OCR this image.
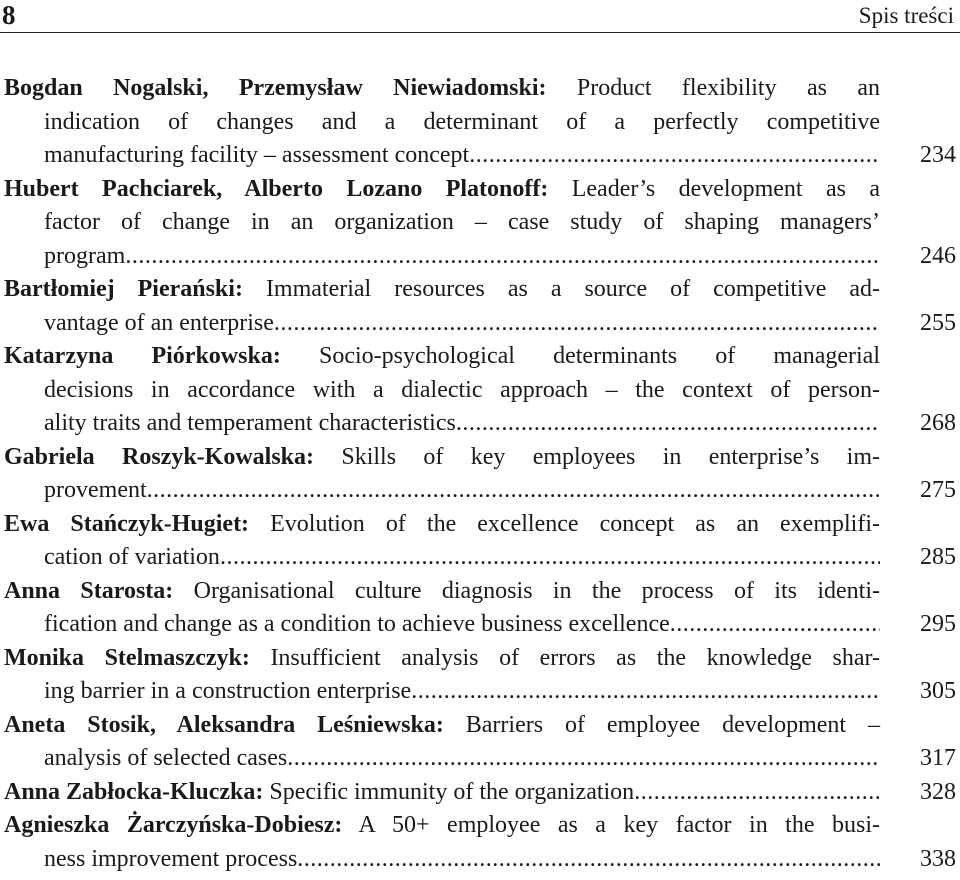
8	Spis treści
Bogdan Nogalski, Przemysław Niewiadomski: Product flexibility as an
indication of changes and a determinant of a perfectly competitive
manufacturing facility – assessment concept .....	234
Hubert Pachciarek, Alberto Lozano Platonoff: Leader’s development as a
factor of change in an organization – case study of shaping managers’
program .....	246
Bartłomiej Pierański: Immaterial resources as a source of competitive ad-
vantage of an enterprise .....	255
Katarzyna Piórkowska: Socio-psychological determinants of managerial
decisions in accordance with a dialectic approach – the context of person-
ality traits and temperament characteristics .....	268
Gabriela Roszyk-Kowalska: Skills of key employees in enterprise’s im-
provement .....	275
Ewa Stańczyk-Hugiet: Evolution of the excellence concept as an exemplifi-
cation of variation .....	285
Anna Starosta: Organisational culture diagnosis in the process of its identi-
fication and change as a condition to achieve business excellence .....	295
Monika Stelmaszczyk: Insufficient analysis of errors as the knowledge shar-
ing barrier in a construction enterprise .....	305
Aneta Stosik, Aleksandra Leśniewska: Barriers of employee development –
analysis of selected cases .....	317
Anna Zabłocka-Kluczka: Specific immunity of the organization .....	328
Agnieszka Żarczyńska-Dobiesz: A 50+ employee as a key factor in the busi-
ness improvement process .....	338
